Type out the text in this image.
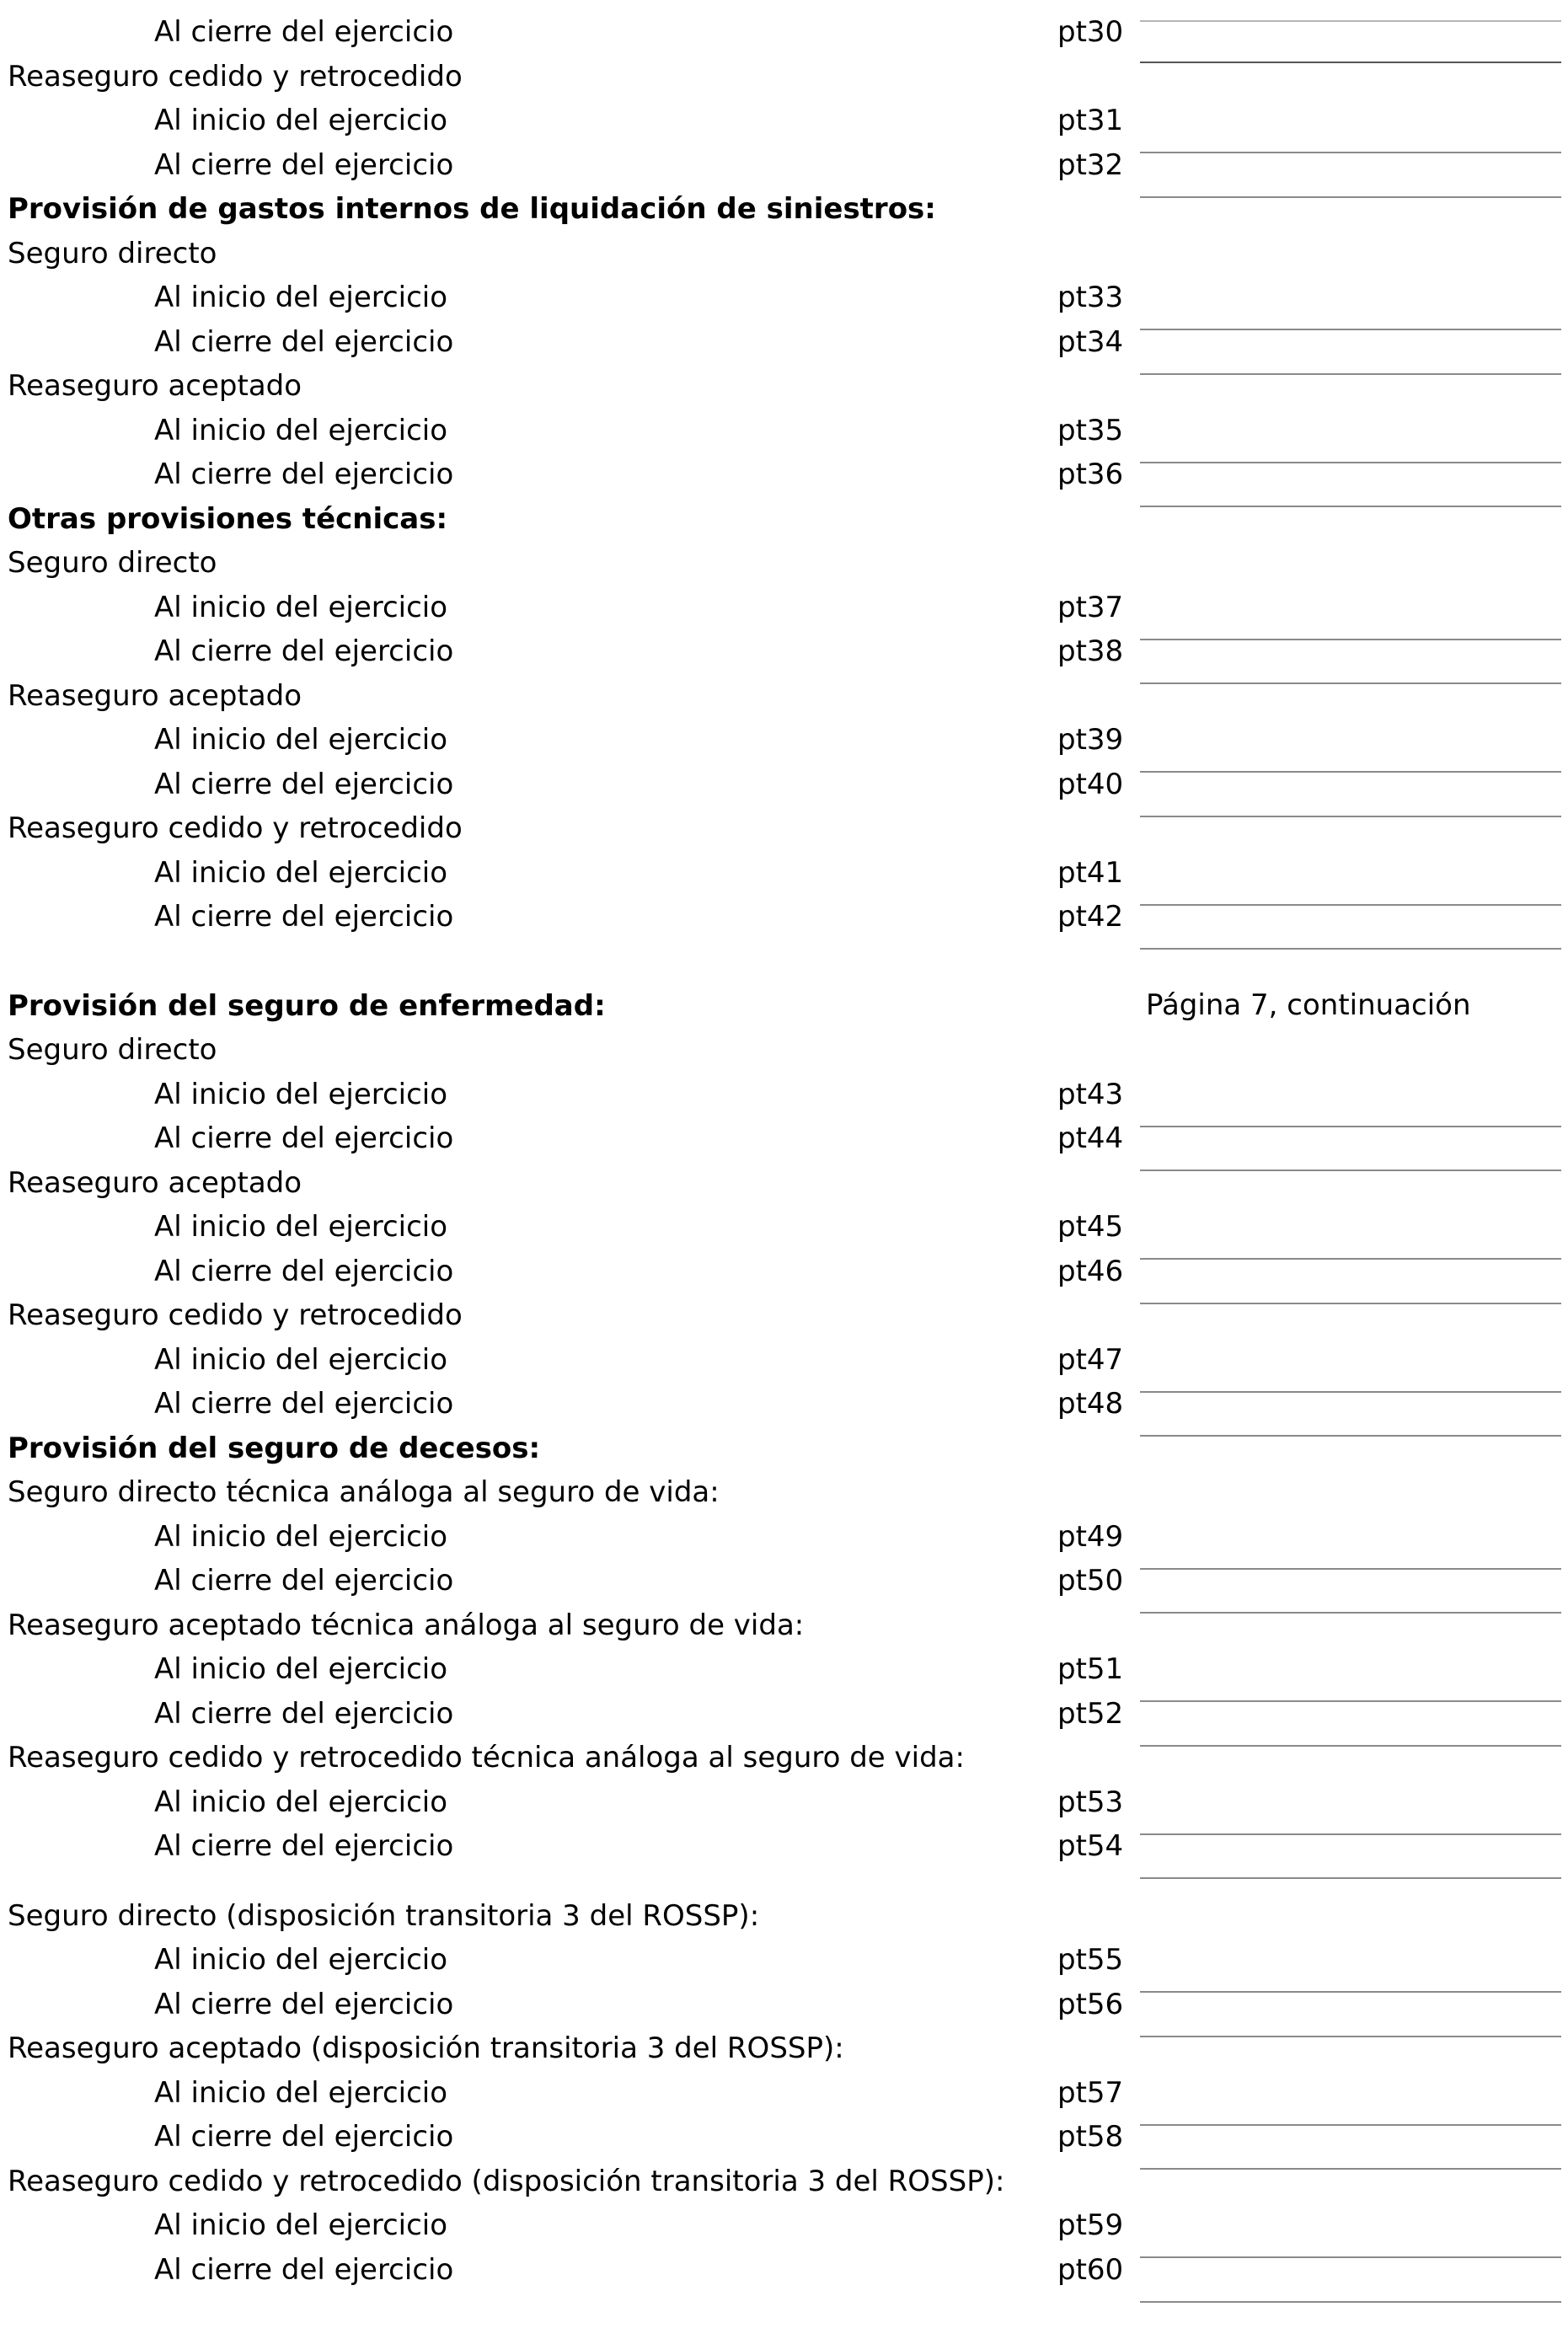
Página 7, continuación
Al cierre del ejercicio	pt30
Reaseguro cedido y retrocedido
Al inicio del ejercicio	pt31
Al cierre del ejercicio	pt32
Provisión de gastos internos de liquidación de siniestros:
Seguro directo
Al inicio del ejercicio	pt33
Al cierre del ejercicio	pt34
Reaseguro aceptado
Al inicio del ejercicio	pt35
Al cierre del ejercicio	pt36
Otras provisiones técnicas:
Seguro directo
Al inicio del ejercicio	pt37
Al cierre del ejercicio	pt38
Reaseguro aceptado
Al inicio del ejercicio	pt39
Al cierre del ejercicio	pt40
Reaseguro cedido y retrocedido
Al inicio del ejercicio	pt41
Al cierre del ejercicio	pt42
Provisión del seguro de enfermedad:
Seguro directo
Al inicio del ejercicio	pt43
Al cierre del ejercicio	pt44
Reaseguro aceptado
Al inicio del ejercicio	pt45
Al cierre del ejercicio	pt46
Reaseguro cedido y retrocedido
Al inicio del ejercicio	pt47
Al cierre del ejercicio	pt48
Provisión del seguro de decesos:
Seguro directo técnica análoga al seguro de vida:
Al inicio del ejercicio	pt49
Al cierre del ejercicio	pt50
Reaseguro aceptado técnica análoga al seguro de vida:
Al inicio del ejercicio	pt51
Al cierre del ejercicio	pt52
Reaseguro cedido y retrocedido técnica análoga al seguro de vida:
Al inicio del ejercicio	pt53
Al cierre del ejercicio	pt54
Seguro directo (disposición transitoria 3 del ROSSP):
Al inicio del ejercicio	pt55
Al cierre del ejercicio	pt56
Reaseguro aceptado (disposición transitoria 3 del ROSSP):
Al inicio del ejercicio	pt57
Al cierre del ejercicio	pt58
Reaseguro cedido y retrocedido (disposición transitoria 3 del ROSSP):
Al inicio del ejercicio	pt59
Al cierre del ejercicio	pt60
